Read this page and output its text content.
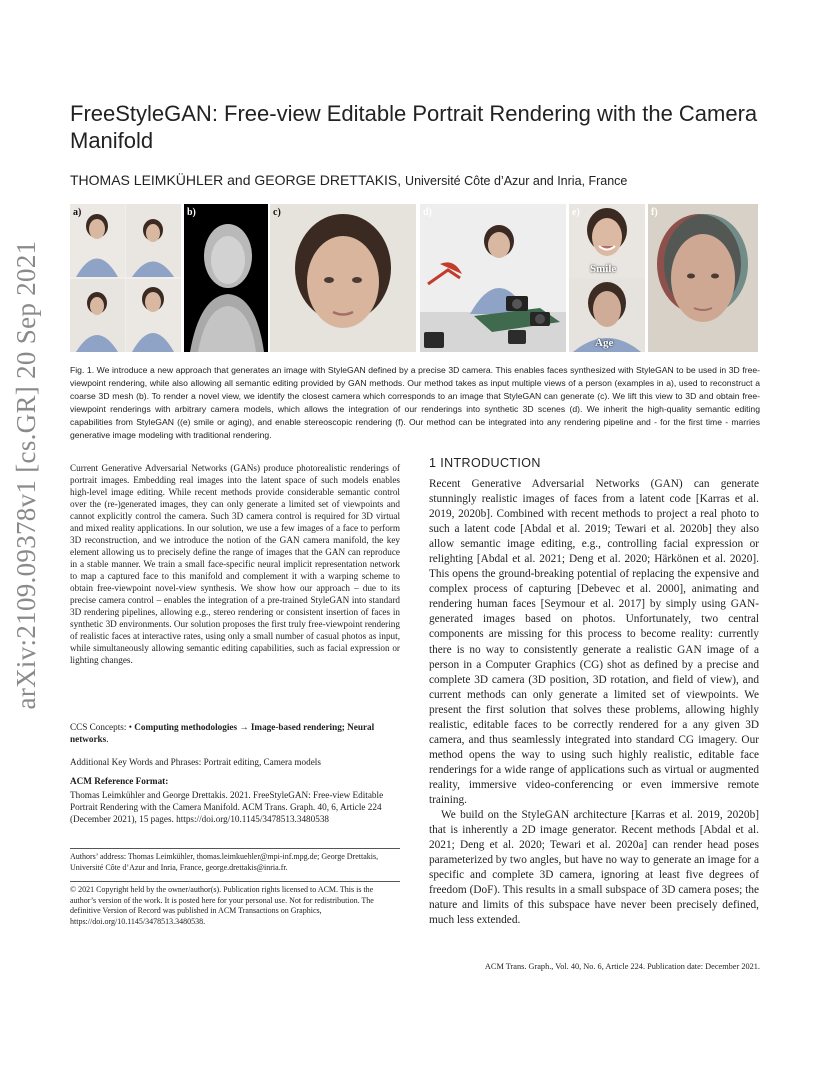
arXiv:2109.09378v1 [cs.GR] 20 Sep 2021
FreeStyleGAN: Free-view Editable Portrait Rendering with the Camera Manifold
THOMAS LEIMKÜHLER and GEORGE DRETTAKIS, Université Côte d’Azur and Inria, France
a)	b)	c)	d)	e)
Smile
Age
f)
Fig. 1. We introduce a new approach that generates an image with StyleGAN defined by a precise 3D camera. This enables faces synthesized with StyleGAN to be used in 3D free-viewpoint rendering, while also allowing all semantic editing provided by GAN methods. Our method takes as input multiple views of a person (examples in a), used to reconstruct a coarse 3D mesh (b). To render a novel view, we identify the closest camera which corresponds to an image that StyleGAN can generate (c). We lift this view to 3D and obtain free-viewpoint renderings with arbitrary camera models, which allows the integration of our renderings into synthetic 3D scenes (d). We inherit the high-quality semantic editing capabilities from StyleGAN ((e) smile or aging), and enable stereoscopic rendering (f). Our method can be integrated into any rendering pipeline and - for the first time - marries generative image modeling with traditional rendering.
Current Generative Adversarial Networks (GANs) produce photorealistic renderings of portrait images. Embedding real images into the latent space of such models enables high-level image editing. While recent methods provide considerable semantic control over the (re-)generated images, they can only generate a limited set of viewpoints and cannot explicitly control the camera. Such 3D camera control is required for 3D virtual and mixed reality applications. In our solution, we use a few images of a face to perform 3D reconstruction, and we introduce the notion of the GAN camera manifold, the key element allowing us to precisely define the range of images that the GAN can reproduce in a stable manner. We train a small face-specific neural implicit representation network to map a captured face to this manifold and complement it with a warping scheme to obtain free-viewpoint novel-view synthesis. We show how our approach – due to its precise camera control – enables the integration of a pre-trained StyleGAN into standard 3D rendering pipelines, allowing e.g., stereo rendering or consistent insertion of faces in synthetic 3D environments. Our solution proposes the first truly free-viewpoint rendering of realistic faces at interactive rates, using only a small number of casual photos as input, while simultaneously allowing semantic editing capabilities, such as facial expression or lighting changes.
CCS Concepts: • Computing methodologies → Image-based rendering; Neural networks.
Additional Key Words and Phrases: Portrait editing, Camera models
ACM Reference Format:
Thomas Leimkühler and George Drettakis. 2021. FreeStyleGAN: Free-view Editable Portrait Rendering with the Camera Manifold. ACM Trans. Graph. 40, 6, Article 224 (December 2021), 15 pages. https://doi.org/10.1145/3478513.3480538
Authors’ address: Thomas Leimkühler, thomas.leimkuehler@mpi-inf.mpg.de; George Drettakis, Université Côte d’Azur and Inria, France, george.drettakis@inria.fr.
© 2021 Copyright held by the owner/author(s). Publication rights licensed to ACM. This is the author’s version of the work. It is posted here for your personal use. Not for redistribution. The definitive Version of Record was published in ACM Transactions on Graphics, https://doi.org/10.1145/3478513.3480538.
1 INTRODUCTION

Recent Generative Adversarial Networks (GAN) can generate stunningly realistic images of faces from a latent code [Karras et al. 2019, 2020b]. Combined with recent methods to project a real photo to such a latent code [Abdal et al. 2019; Tewari et al. 2020b] they also allow semantic image editing, e.g., controlling facial expression or relighting [Abdal et al. 2021; Deng et al. 2020; Härkönen et al. 2020]. This opens the ground-breaking potential of replacing the expensive and complex process of capturing [Debevec et al. 2000], animating and rendering human faces [Seymour et al. 2017] by simply using GAN-generated images based on photos. Unfortunately, two central components are missing for this process to become reality: currently there is no way to consistently generate a realistic GAN image of a person in a Computer Graphics (CG) shot as defined by a precise and complete 3D camera (3D position, 3D rotation, and field of view), and current methods can only generate a limited set of viewpoints. We present the first solution that solves these problems, allowing highly realistic, editable faces to be correctly rendered for a any given 3D camera, and thus seamlessly integrated into standard CG imagery. Our method opens the way to using such highly realistic, editable face renderings for a wide range of applications such as virtual or augmented reality, immersive video-conferencing or even immersive remote training.

We build on the StyleGAN architecture [Karras et al. 2019, 2020b] that is inherently a 2D image generator. Recent methods [Abdal et al. 2021; Deng et al. 2020; Tewari et al. 2020a] can render head poses parameterized by two angles, but have no way to generate an image for a specific and complete 3D camera, ignoring at least five degrees of freedom (DoF). This results in a small subspace of 3D camera poses; the nature and limits of this subspace have never been precisely defined, much less extended.

ACM Trans. Graph., Vol. 40, No. 6, Article 224. Publication date: December 2021.
